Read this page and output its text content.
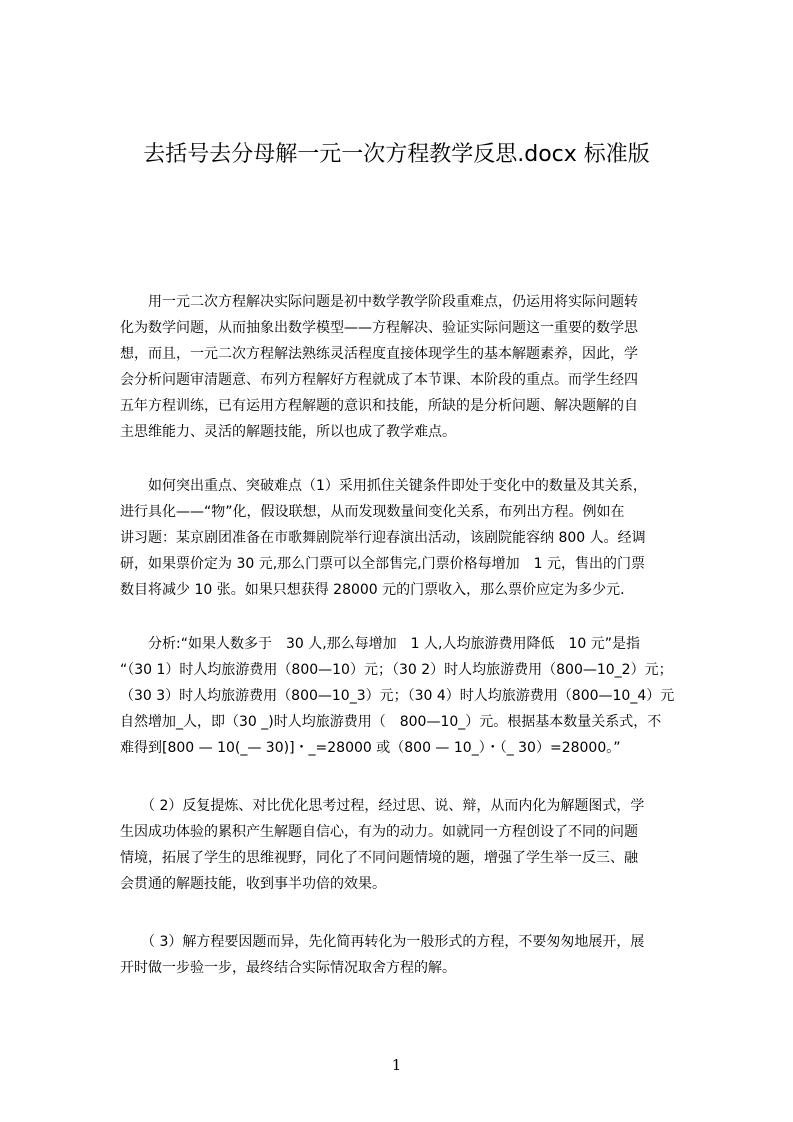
去括号去分母解一元一次方程教学反思.docx 标准版
　　用一元二次方程解决实际问题是初中数学教学阶段重难点，仍运用将实际问题转
化为数学问题，从而抽象出数学模型——方程解决、验证实际问题这一重要的数学思
想，而且，一元二次方程解法熟练灵活程度直接体现学生的基本解题素养，因此，学
会分析问题审清题意、布列方程解好方程就成了本节课、本阶段的重点。而学生经四
五年方程训练，已有运用方程解题的意识和技能，所缺的是分析问题、解决题解的自
主思维能力、灵活的解题技能，所以也成了教学难点。
　　如何突出重点、突破难点（1）采用抓住关键条件即处于变化中的数量及其关系，
进行具化——“物”化，假设联想，从而发现数量间变化关系，布列出方程。例如在
讲习题：某京剧团准备在市歌舞剧院举行迎春演出活动，该剧院能容纳 800 人。经调
研，如果票价定为 30 元,那么门票可以全部售完,门票价格每增加　1 元，售出的门票
数目将减少 10 张。如果只想获得 28000 元的门票收入，那么票价应定为多少元.
　　分析:“如果人数多于　30 人,那么每增加　1 人,人均旅游费用降低　10 元”是指
“（30 1）时人均旅游费用（800—10）元；（30 2）时人均旅游费用（800—10_2）元；
（30 3）时人均旅游费用（800—10_3）元；（30 4）时人均旅游费用（800—10_4）元
自然增加_人，即（30 _)时人均旅游费用（　800—10_）元。根据基本数量关系式，不
难得到[800 — 10(_— 30)]・_=28000 或（800 — 10_）・（_ 30）=28000。”
　　（ 2）反复提炼、对比优化思考过程，经过思、说、辩，从而内化为解题图式，学
生因成功体验的累积产生解题自信心，有为的动力。如就同一方程创设了不同的问题
情境，拓展了学生的思维视野，同化了不同问题情境的题，增强了学生举一反三、融
会贯通的解题技能，收到事半功倍的效果。
　　（ 3）解方程要因题而异，先化简再转化为一般形式的方程，不要匆匆地展开，展
开时做一步验一步，最终结合实际情况取舍方程的解。
1
